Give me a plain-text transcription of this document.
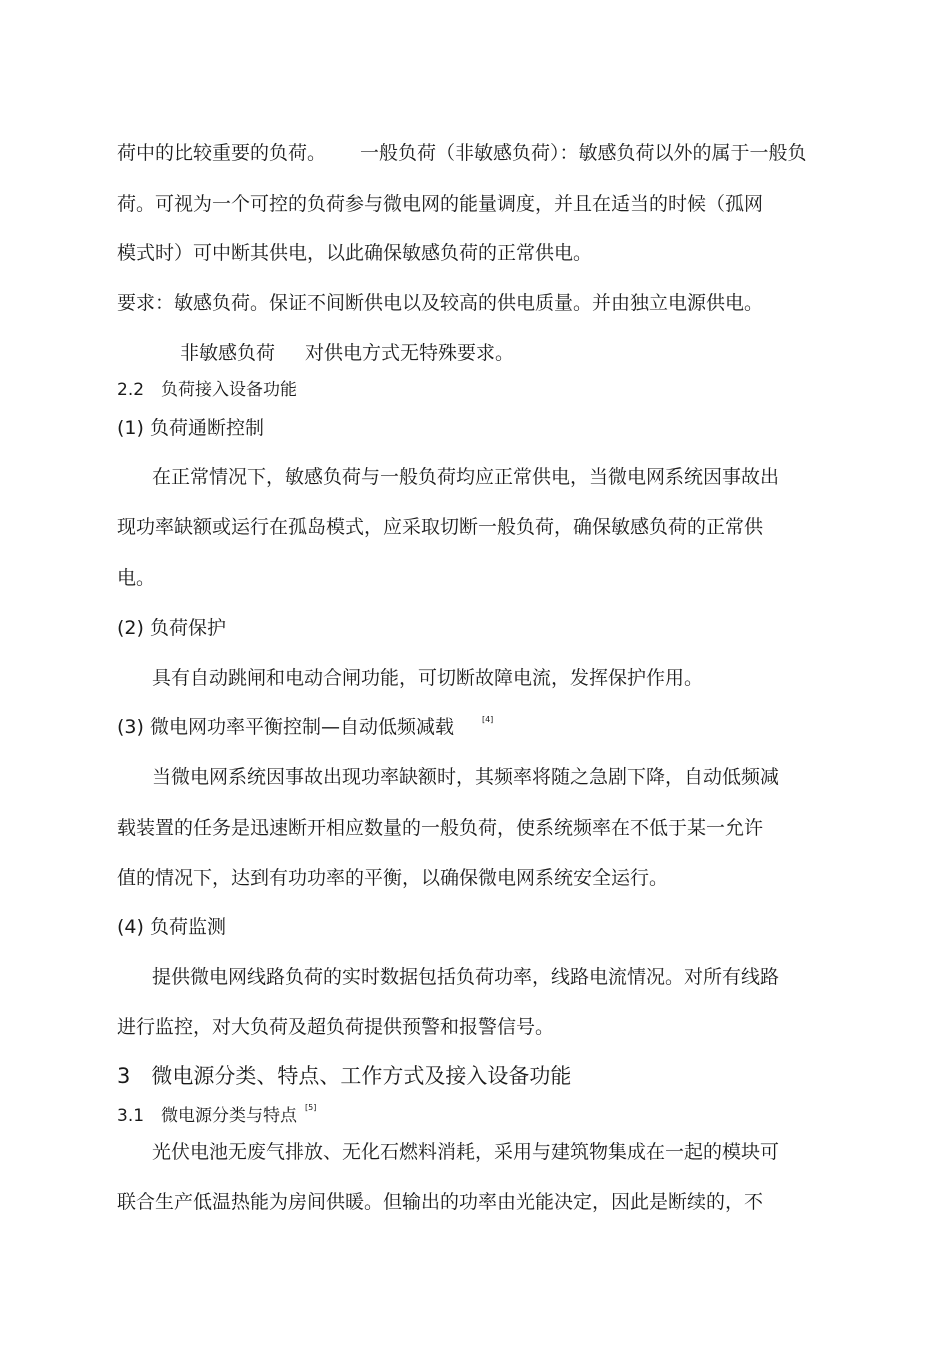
荷中的比较重要的负荷。 一般负荷（非敏感负荷）：敏感负荷以外的属于一般负
荷。可视为一个可控的负荷参与微电网的能量调度，并且在适当的时候（孤网
模式时）可中断其供电，以此确保敏感负荷的正常供电。
要求：敏感负荷。保证不间断供电以及较高的供电质量。并由独立电源供电。
非敏感负荷 对供电方式无特殊要求。
2.2　负荷接入设备功能
(1) 负荷通断控制
在正常情况下，敏感负荷与一般负荷均应正常供电，当微电网系统因事故出
现功率缺额或运行在孤岛模式，应采取切断一般负荷，确保敏感负荷的正常供
电。
(2) 负荷保护
具有自动跳闸和电动合闸功能，可切断故障电流，发挥保护作用。
(3) 微电网功率平衡控制—自动低频减载	[4]
当微电网系统因事故出现功率缺额时，其频率将随之急剧下降，自动低频减
载装置的任务是迅速断开相应数量的一般负荷，使系统频率在不低于某一允许
值的情况下，达到有功功率的平衡，以确保微电网系统安全运行。
(4) 负荷监测
提供微电网线路负荷的实时数据包括负荷功率，线路电流情况。对所有线路
进行监控，对大负荷及超负荷提供预警和报警信号。
3　微电源分类、特点、工作方式及接入设备功能
3.1　微电源分类与特点 [5]
光伏电池无废气排放、无化石燃料消耗，采用与建筑物集成在一起的模块可
联合生产低温热能为房间供暖。但输出的功率由光能决定，因此是断续的，不
